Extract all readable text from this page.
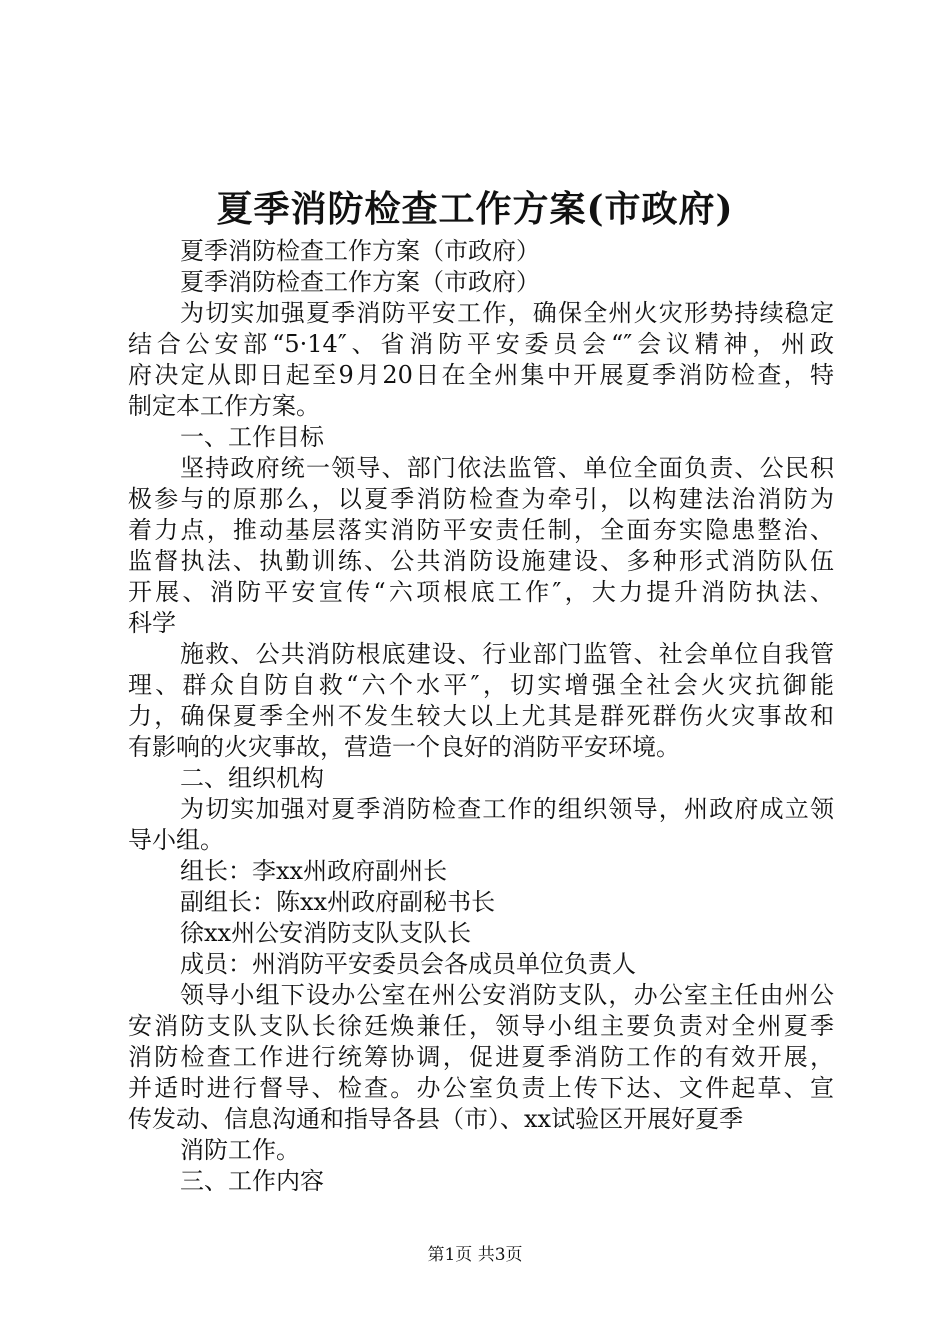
夏季消防检查工作方案(市政府)
夏季消防检查工作方案（市政府）
夏季消防检查工作方案（市政府）
为切实加强夏季消防平安工作，确保全州火灾形势持续稳定
结合公安部“5·14″、省消防平安委员会“″会议精神，州政
府决定从即日起至9月20日在全州集中开展夏季消防检查，特
制定本工作方案。
一、工作目标
坚持政府统一领导、部门依法监管、单位全面负责、公民积
极参与的原那么，以夏季消防检查为牵引，以构建法治消防为
着力点，推动基层落实消防平安责任制，全面夯实隐患整治、
监督执法、执勤训练、公共消防设施建设、多种形式消防队伍
开展、消防平安宣传“六项根底工作″，大力提升消防执法、
科学
施救、公共消防根底建设、行业部门监管、社会单位自我管
理、群众自防自救“六个水平″，切实增强全社会火灾抗御能
力，确保夏季全州不发生较大以上尤其是群死群伤火灾事故和
有影响的火灾事故，营造一个良好的消防平安环境。
二、组织机构
为切实加强对夏季消防检查工作的组织领导，州政府成立领
导小组。
组长：李xx州政府副州长
副组长：陈xx州政府副秘书长
徐xx州公安消防支队支队长
成员：州消防平安委员会各成员单位负责人
领导小组下设办公室在州公安消防支队，办公室主任由州公
安消防支队支队长徐廷焕兼任，领导小组主要负责对全州夏季
消防检查工作进行统筹协调，促进夏季消防工作的有效开展，
并适时进行督导、检查。办公室负责上传下达、文件起草、宣
传发动、信息沟通和指导各县（市）、xx试验区开展好夏季
消防工作。
三、工作内容
第1页 共3页
